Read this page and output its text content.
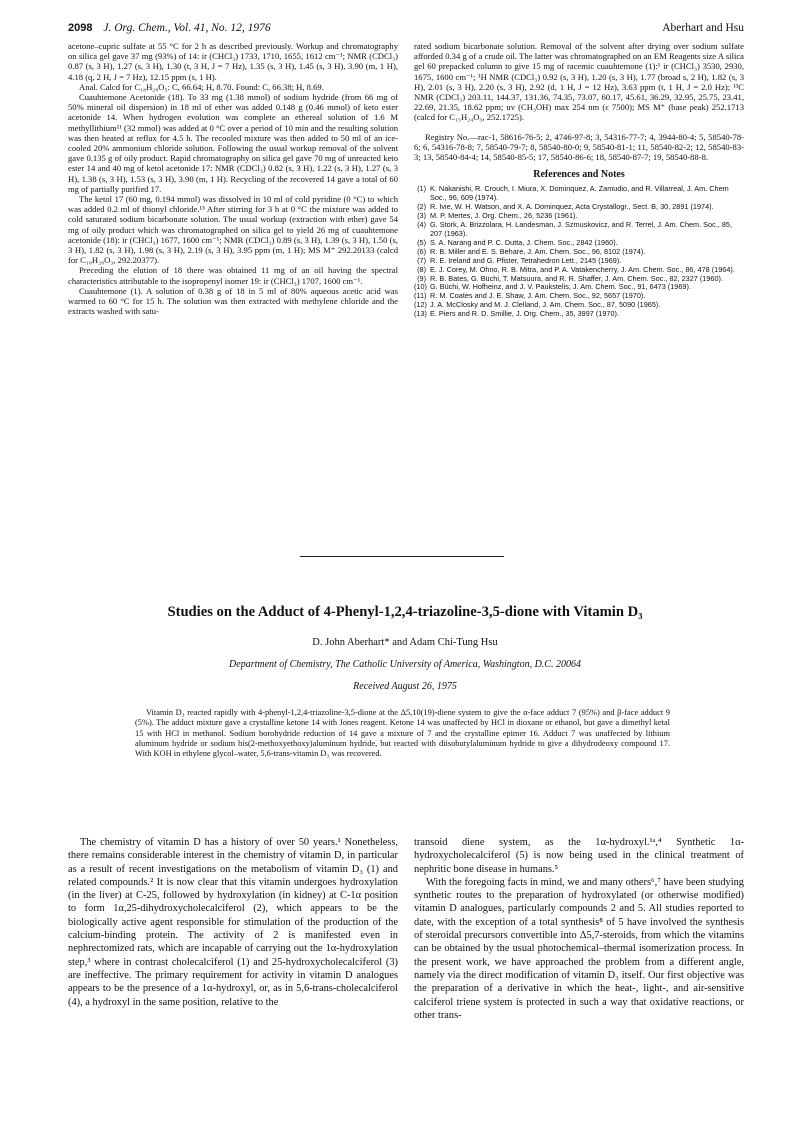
2098 J. Org. Chem., Vol. 41, No. 12, 1976	Aberhart and Hsu

acetone–cupric sulfate at 55 °C for 2 h as described previously. Workup and chromatography on silica gel gave 37 mg (93%) of 14: ir (CHCl₃) 1733, 1710, 1655, 1612 cm⁻¹; NMR (CDCl₃) 0.87 (s, 3 H), 1.27 (s, 3 H), 1.30 (t, 3 H, J = 7 Hz), 1.35 (s, 3 H), 1.45 (s, 3 H), 3.90 (m, 1 H), 4.18 (q, 2 H, J = 7 Hz), 12.15 ppm (s, 1 H).

Anal. Calcd for C₁₈H₂₈O₅: C, 66.64; H, 8.70. Found: C, 66.38; H, 8.69.

Cuauhtemone Acetonide (18). To 33 mg (1.38 mmol) of sodium hydride (from 66 mg of 50% mineral oil dispersion) in 18 ml of ether was added 0.148 g (0.46 mmol) of keto ester acetonide 14. When hydrogen evolution was complete an ethereal solution of 1.6 M methyllithium¹¹ (32 mmol) was added at 0 °C over a period of 10 min and the resulting solution was then heated at reflux for 4.5 h. The recooled mixture was then added to 50 ml of an ice-cooled 20% ammonium chloride solution. Following the usual workup removal of the solvent gave 0.135 g of oily product. Rapid chromatography on silica gel gave 70 mg of unreacted keto ester 14 and 40 mg of ketol acetonide 17: NMR (CDCl₃) 0.82 (s, 3 H), 1.22 (s, 3 H), 1.27 (s, 3 H), 1.38 (s, 3 H), 1.53 (s, 3 H), 3.90 (m, 1 H). Recycling of the recovered 14 gave a total of 60 mg of partially purified 17.

The ketol 17 (60 mg, 0.194 mmol) was dissolved in 10 ml of cold pyridine (0 °C) to which was added 0.2 ml of thionyl chloride.¹³ After stirring for 3 h at 0 °C the mixture was added to cold saturated sodium bicarbonate solution. The usual workup (extraction with ether) gave 54 mg of oily product which was chromatographed on silica gel to yield 26 mg of cuauhtemone acetonide (18): ir (CHCl₃) 1677, 1600 cm⁻¹; NMR (CDCl₃) 0.89 (s, 3 H), 1.39 (s, 3 H), 1.50 (s, 3 H), 1.82 (s, 3 H), 1.98 (s, 3 H), 2.19 (s, 3 H), 3.95 ppm (m, 1 H); MS M⁺ 292.20133 (calcd for C₁₈H₂₈O₃, 292.20377).

Preceding the elution of 18 there was obtained 11 mg of an oil having the spectral characteristics attributable to the isopropenyl isomer 19: ir (CHCl₃) 1707, 1600 cm⁻¹.

Cuauhtemone (1). A solution of 0.38 g of 18 in 5 ml of 80% aqueous acetic acid was warmed to 60 °C for 15 h. The solution was then extracted with methylene chloride and the extracts washed with satu-

rated sodium bicarbonate solution. Removal of the solvent after drying over sodium sulfate afforded 0.34 g of a crude oil. The latter was chromatographed on an EM Reagents size A silica gel 60 prepacked column to give 15 mg of racemic cuauhtemone (1):¹ ir (CHCl₃) 3530, 2930, 1675, 1600 cm⁻¹; ¹H NMR (CDCl₃) 0.92 (s, 3 H), 1.20 (s, 3 H), 1.77 (broad s, 2 H), 1.82 (s, 3 H), 2.01 (s, 3 H), 2.20 (s, 3 H), 2.92 (d, 1 H, J = 12 Hz), 3.63 ppm (t, 1 H, J = 2.0 Hz); ¹³C NMR (CDCl₃) 203.11, 144.37, 131.36, 74.35, 73.07, 60.17, 45.61, 36.29, 32.95, 25.75, 23.41, 22.69, 21.35, 18.62 ppm; uv (CH₃OH) max 254 nm (ε 7500); MS M⁺ (base peak) 252.1713 (calcd for C₁₅H₂₄O₃, 252.1725).

Registry No.—rac-1, 58616-76-5; 2, 4746-97-8; 3, 54316-77-7; 4, 3944-80-4; 5, 58540-78-6; 6, 54316-78-8; 7, 58540-79-7; 8, 58540-80-0; 9, 58540-81-1; 11, 58540-82-2; 12, 58540-83-3; 13, 58540-84-4; 14, 58540-85-5; 17, 58540-86-6; 18, 58540-87-7; 19, 58540-88-8.

References and Notes
(1) K. Nakanishi, R. Crouch, I. Miura, X. Dominquez, A. Zamudio, and R. Villarreal, J. Am. Chem Soc., 96, 609 (1974).
(2) R. Ivie, W. H. Watson, and X. A. Dominquez, Acta Crystallogr., Sect. B, 30, 2891 (1974).
(3) M. P. Mertes, J. Org. Chem., 26, 5236 (1961).
(4) G. Stork, A. Brizzolara, H. Landesman, J. Szmuskovicz, and R. Terrel, J. Am. Chem. Soc., 85, 207 (1963).
(5) S. A. Narang and P. C. Dutta, J. Chem. Soc., 2842 (1960).
(6) R. B. Miller and E. S. Behare, J. Am. Chem. Soc., 96, 8102 (1974).
(7) R. E. Ireland and G. Pfister, Tetrahedron Lett., 2145 (1969).
(8) E. J. Corey, M. Ohno, R. B. Mitra, and P. A. Vatakencherry, J. Am. Chem. Soc., 86, 478 (1964).
(9) R. B. Bates, G. Büchi, T. Matsuura, and R. R. Shaffer, J. Am. Chem. Soc., 82, 2327 (1960).
(10) G. Büchi, W. Hofheinz, and J. V. Paukstelis, J. Am. Chem. Soc., 91, 6473 (1969).
(11) R. M. Coates and J. E. Shaw, J. Am. Chem. Soc., 92, 5657 (1970).
(12) J. A. McClosky and M. J. Clelland, J. Am. Chem. Soc., 87, 5090 (1965).
(13) E. Piers and R. D. Smillie, J. Org. Chem., 35, 3997 (1970).
Studies on the Adduct of 4-Phenyl-1,2,4-triazoline-3,5-dione with Vitamin D₃
D. John Aberhart* and Adam Chi-Tung Hsu
Department of Chemistry, The Catholic University of America, Washington, D.C. 20064
Received August 26, 1975

Vitamin D₃ reacted rapidly with 4-phenyl-1,2,4-triazoline-3,5-dione at the Δ5,10(19)-diene system to give the α-face adduct 7 (95%) and β-face adduct 9 (5%). The adduct mixture gave a crystalline ketone 14 with Jones reagent. Ketone 14 was unaffected by HCl in dioxane or ethanol, but gave a dimethyl ketal 15 with HCl in methanol. Sodium borohydride reduction of 14 gave a mixture of 7 and the crystalline epimer 16. Adduct 7 was unaffected by lithium aluminum hydride or sodium bis(2-methoxyethoxy)aluminum hydride, but reacted with diisobutylaluminum hydride to give a dihydrodeoxy compound 17. With KOH in ethylene glycol–water, 5,6-trans-vitamin D₃ was recovered.

The chemistry of vitamin D has a history of over 50 years.¹ Nonetheless, there remains considerable interest in the chemistry of vitamin D, in particular as a result of recent investigations on the metabolism of vitamin D₃ (1) and related compounds.² It is now clear that this vitamin undergoes hydroxylation (in the liver) at C-25, followed by hydroxylation (in kidney) at C-1α position to form 1α,25-dihydroxycholecalciferol (2), which appears to be the biologically active agent responsible for stimulation of the production of the calcium-binding protein. The activity of 2 is manifested even in nephrectomized rats, which are incapable of carrying out the 1α-hydroxylation step,³ where in contrast cholecalciferol (1) and 25-hydroxycholecalciferol (3) are ineffective. The primary requirement for activity in vitamin D analogues appears to be the presence of a 1α-hydroxyl, or, as in 5,6-trans-cholecalciferol (4), a hydroxyl in the same position, relative to the

transoid diene system, as the 1α-hydroxyl.¹ᵃ,⁴ Synthetic 1α-hydroxycholecalciferol (5) is now being used in the clinical treatment of nephritic bone disease in humans.⁵

With the foregoing facts in mind, we and many others⁶,⁷ have been studying synthetic routes to the preparation of hydroxylated (or otherwise modified) vitamin D analogues, particularly compounds 2 and 5. All studies reported to date, with the exception of a total synthesis⁸ of 5 have involved the synthesis of steroidal precursors convertible into Δ5,7-steroids, from which the vitamins can be obtained by the usual photochemical–thermal isomerization process. In the present work, we have approached the problem from a different angle, namely via the direct modification of vitamin D₃ itself. Our first objective was the preparation of a derivative in which the heat-, light-, and air-sensitive calciferol triene system is protected in such a way that oxidative reactions, or other trans-
